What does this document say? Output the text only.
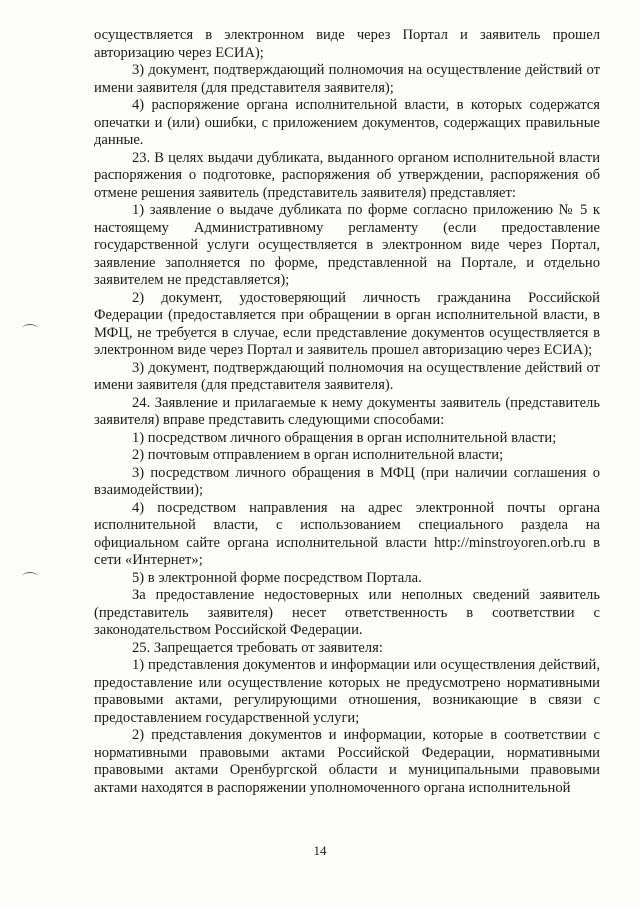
осуществляется в электронном виде через Портал и заявитель прошел авторизацию через ЕСИА);

3) документ, подтверждающий полномочия на осуществление действий от имени заявителя (для представителя заявителя);

4) распоряжение органа исполнительной власти, в которых содержатся опечатки и (или) ошибки, с приложением документов, содержащих правильные данные.

23. В целях выдачи дубликата, выданного органом исполнительной власти распоряжения о подготовке, распоряжения об утверждении, распоряжения об отмене решения заявитель (представитель заявителя) представляет:

1) заявление о выдаче дубликата по форме согласно приложению № 5 к настоящему Административному регламенту (если предоставление государственной услуги осуществляется в электронном виде через Портал, заявление заполняется по форме, представленной на Портале, и отдельно заявителем не представляется);

2) документ, удостоверяющий личность гражданина Российской Федерации (предоставляется при обращении в орган исполнительной власти, в МФЦ, не требуется в случае, если представление документов осуществляется в электронном виде через Портал и заявитель прошел авторизацию через ЕСИА);

3) документ, подтверждающий полномочия на осуществление действий от имени заявителя (для представителя заявителя).

24. Заявление и прилагаемые к нему документы заявитель (представитель заявителя) вправе представить следующими способами:

1) посредством личного обращения в орган исполнительной власти;

2) почтовым отправлением в орган исполнительной власти;

3) посредством личного обращения в МФЦ (при наличии соглашения о взаимодействии);

4) посредством направления на адрес электронной почты органа исполнительной власти, с использованием специального раздела на официальном сайте органа исполнительной власти http://minstroyoren.orb.ru в сети «Интернет»;

5) в электронной форме посредством Портала.

За предоставление недостоверных или неполных сведений заявитель (представитель заявителя) несет ответственность в соответствии с законодательством Российской Федерации.

25. Запрещается требовать от заявителя:

1) представления документов и информации или осуществления действий, предоставление или осуществление которых не предусмотрено нормативными правовыми актами, регулирующими отношения, возникающие в связи с предоставлением государственной услуги;

2) представления документов и информации, которые в соответствии с нормативными правовыми актами Российской Федерации, нормативными правовыми актами Оренбургской области и муниципальными правовыми актами находятся в распоряжении уполномоченного органа исполнительной

14
